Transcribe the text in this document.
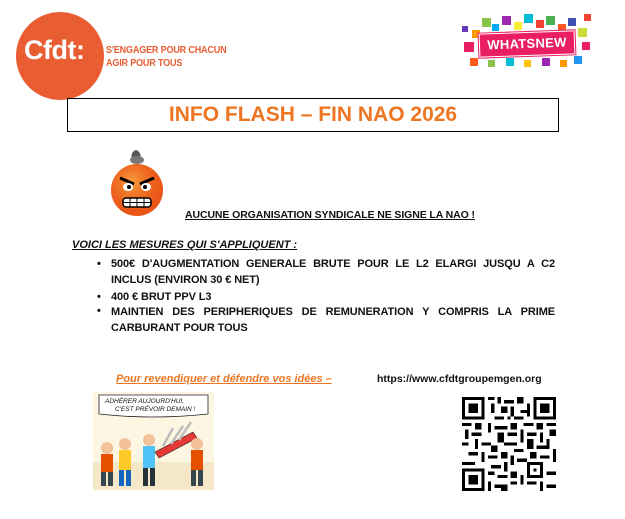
Cfdt:	S'ENGAGER POUR CHACUN
AGIR POUR TOUS
WHATSNEW
INFO FLASH – FIN NAO 2026
AUCUNE ORGANISATION SYNDICALE NE SIGNE LA NAO !
VOICI LES MESURES QUI S'APPLIQUENT :
• 500€ D'AUGMENTATION GENERALE BRUTE POUR LE L2 ELARGI JUSQU A C2 INCLUS (ENVIRON 30 € NET)
• 400 € BRUT PPV L3
• MAINTIEN DES PERIPHERIQUES DE REMUNERATION Y COMPRIS LA PRIME CARBURANT POUR TOUS
Pour revendiquer et défendre vos idées –	https://www.cfdtgroupemgen.org
ADHÉRER AUJOURD'HUI,
C'EST PRÉVOIR DEMAIN !
